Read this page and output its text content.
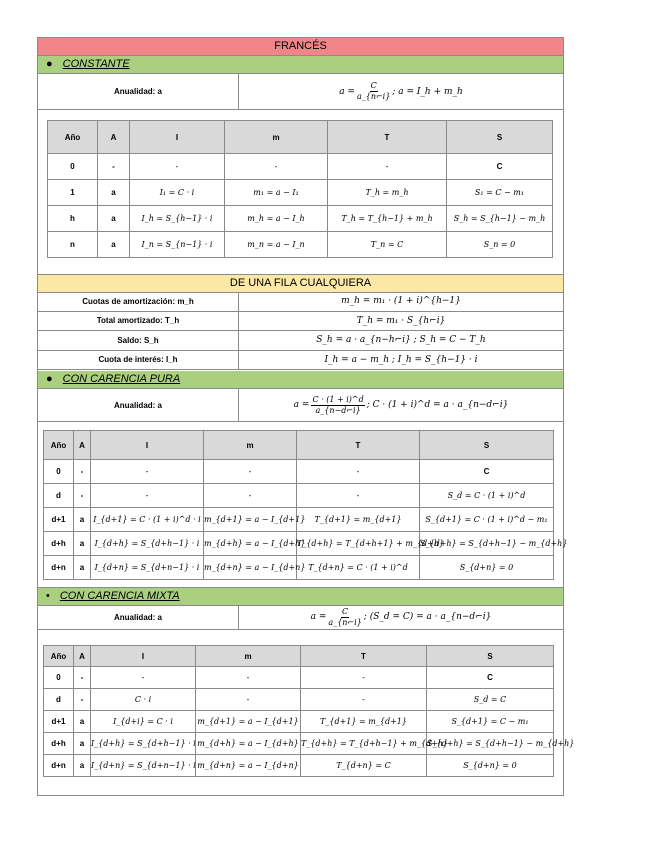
FRANCÉS
● CONSTANTE
Anualidad: a	$a = \frac{C}{a\_\{n⌐i\}}$ ; a = I_h + m_h
Año	A	I	m	T	S
0	-	-	-	-	C
1	a	I₁ = C · i	m₁ = a − I₁	T_h = m_h	S₁ = C − m₁
h	a	I_h = S_{h−1} · i	m_h = a − I_h	T_h = T_{h−1} + m_h	S_h = S_{h−1} − m_h
n	a	I_n = S_{n−1} · i	m_n = a − I_n	T_n = C	S_n = 0
DE UNA FILA CUALQUIERA
Cuotas de amortización: m_h	m_h = m₁ · (1 + i)^{h−1}
Total amortizado: T_h	T_h = m₁ · S_{h⌐i}
Saldo: S_h	S_h = a · a_{n−h⌐i} ; S_h = C − T_h
Cuota de interés: I_h	I_h = a − m_h ; I_h = S_{h−1} · i
● CON CARENCIA PURA
Anualidad: a	$a = \frac{C \cdot (1 + i)\^{}d}{a\_\{n-d⌐i\}}$ ; C · (1 + i)^d = a · a_{n−d⌐i}
Año	A	I	m	T	S
0	-	-	-	-	C
d	-	-	-	-	S_d = C · (1 + i)^d
d+1	a	I_{d+1} = C · (1 + i)^d · i	m_{d+1} = a − I_{d+1}	T_{d+1} = m_{d+1}	S_{d+1} = C · (1 + i)^d − m₁
d+h	a	I_{d+h} = S_{d+h−1} · i	m_{d+h} = a − I_{d+h}	T_{d+h} = T_{d+h+1} + m_{d+h}	S_{d+h} = S_{d+h−1} − m_{d+h}
d+n	a	I_{d+n} = S_{d+n−1} · i	m_{d+n} = a − I_{d+n}	T_{d+n} = C · (1 + i)^d	S_{d+n} = 0
• CON CARENCIA MIXTA
Anualidad: a	$a = \frac{C}{a\_\{n⌐i\}}$ ; (S_d = C) = a · a_{n−d⌐i}
Año	A	I	m	T	S
0	-	-	-	-	C
d	-	C · i	-	-	S_d = C
d+1	a	I_{d+i} = C · i	m_{d+1} = a − I_{d+1}	T_{d+1} = m_{d+1}	S_{d+1} = C − m₁
d+h	a	I_{d+h} = S_{d+h−1} · i	m_{d+h} = a − I_{d+h}	T_{d+h} = T_{d+h−1} + m_{d+h}	S_{d+h} = S_{d+h−1} − m_{d+h}
d+n	a	I_{d+n} = S_{d+n−1} · i	m_{d+n} = a − I_{d+n}	T_{d+n} = C	S_{d+n} = 0
